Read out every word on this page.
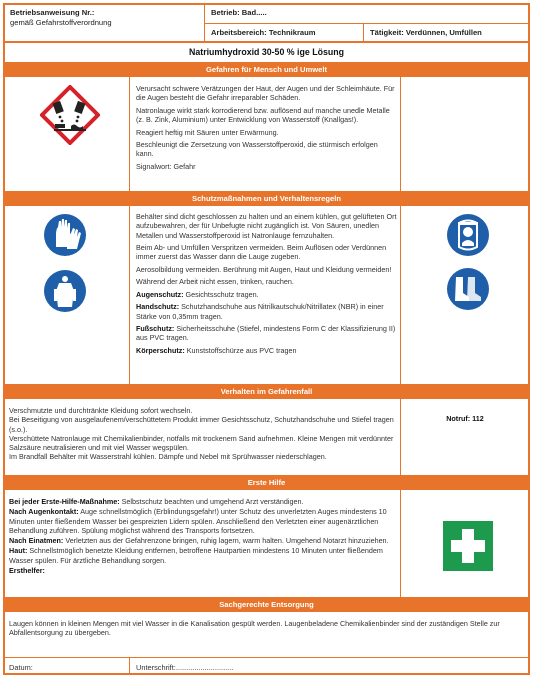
Betriebsanweisung Nr.:
gemäß Gefahrstoffverordnung
Betrieb: Bad.....
Arbeitsbereich: Technikraum	Tätigkeit: Verdünnen, Umfüllen
Natriumhydroxid 30-50 % ige Lösung
Gefahren für Mensch und Umwelt

Verursacht schwere Verätzungen der Haut, der Augen und der Schleimhäute. Für die Augen besteht die Gefahr irreparabler Schäden.

Natronlauge wirkt stark korrodierend bzw. auflösend auf manche unedle Metalle (z. B. Zink, Aluminium) unter Entwicklung von Wasserstoff (Knallgas!).

Reagiert heftig mit Säuren unter Erwärmung.

Beschleunigt die Zersetzung von Wasserstoffperoxid, die stürmisch erfolgen kann.

Signalwort: Gefahr

Schutzmaßnahmen und Verhaltensregeln

Behälter sind dicht geschlossen zu halten und an einem kühlen, gut gelüfteten Ort aufzubewahren, der für Unbefugte nicht zugänglich ist. Von Säuren, unedlen Metallen und Wasserstoffperoxid ist Natronlauge fernzuhalten.

Beim Ab- und Umfüllen Verspritzen vermeiden. Beim Auflösen oder Verdünnen immer zuerst das Wasser dann die Lauge zugeben.

Aerosolbildung vermeiden. Berührung mit Augen, Haut und Kleidung vermeiden!

Während der Arbeit nicht essen, trinken, rauchen.

Augenschutz: Gesichtsschutz tragen.

Handschutz: Schutzhandschuhe aus Nitrilkautschuk/Nitrillatex (NBR) in einer Stärke von 0,35mm tragen.

Fußschutz: Sicherheitsschuhe (Stiefel, mindestens Form C der Klassifizierung II) aus PVC tragen.

Körperschutz: Kunststoffschürze aus PVC tragen

Verhalten im Gefahrenfall
Verschmutzte und durchtränkte Kleidung sofort wechseln.
Bei Beseitigung von ausgelaufenem/verschüttetem Produkt immer Gesichtsschutz, Schutzhandschuhe und Stiefel tragen (s.o.).
Verschüttete Natronlauge mit Chemikalienbinder, notfalls mit trockenem Sand aufnehmen. Kleine Mengen mit verdünnter Salzsäure neutralisieren und mit viel Wasser wegspülen.
Im Brandfall Behälter mit Wasserstrahl kühlen. Dämpfe und Nebel mit Sprühwasser niederschlagen.
Notruf: 112
Erste Hilfe
Bei jeder Erste-Hilfe-Maßnahme: Selbstschutz beachten und umgehend Arzt verständigen.
Nach Augenkontakt: Auge schnellstmöglich (Erblindungsgefahr!) unter Schutz des unverletzten Auges mindestens 10 Minuten unter fließendem Wasser bei gespreizten Lidern spülen. Anschließend den Verletzten einer augenärztlichen Behandlung zuführen. Spülung möglichst während des Transports fortsetzen.
Nach Einatmen: Verletzten aus der Gefahrenzone bringen, ruhig lagern, warm halten. Umgehend Notarzt hinzuziehen.
Haut: Schnellstmöglich benetzte Kleidung entfernen, betroffene Hautpartien mindestens 10 Minuten unter fließendem Wasser spülen. Für ärztliche Behandlung sorgen.
Ersthelfer:
Sachgerechte Entsorgung
Laugen können in kleinen Mengen mit viel Wasser in die Kanalisation gespült werden. Laugenbeladene Chemikalienbinder sind der zuständigen Stelle zur Abfallentsorgung zu übergeben.
Datum:	Unterschrift:............................
